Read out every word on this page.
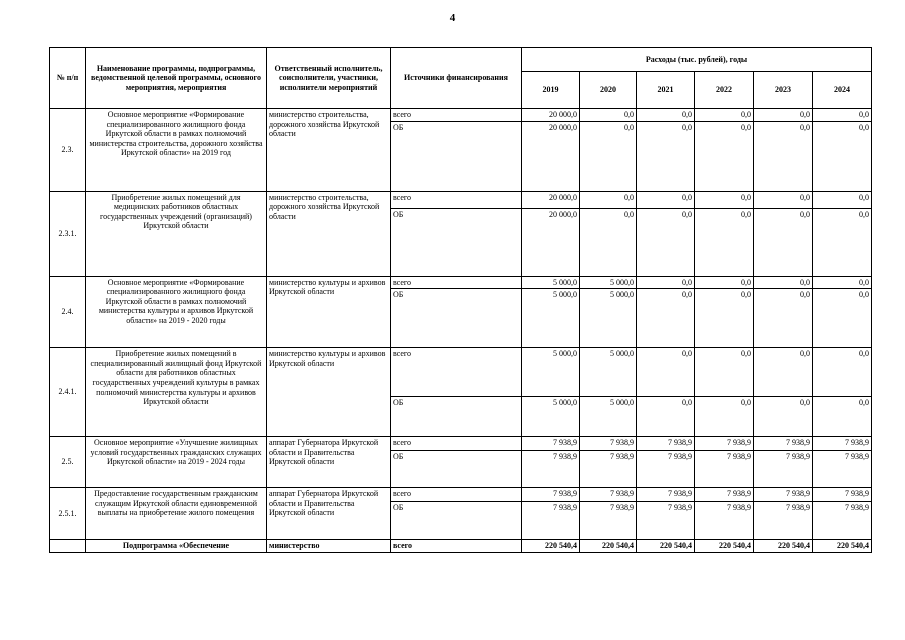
4
№ п/п	Наименование программы, подпрограммы, ведомственной целевой программы, основного мероприятия, мероприятия	Ответственный исполнитель, соисполнители, участники, исполнители мероприятий	Источники финансирования	Расходы (тыс. рублей), годы					
				2019	2020	2021	2022	2023	2024
2.3.	Основное мероприятие «Формирование специализированного жилищного фонда Иркутской области в рамках полномочий министерства строительства, дорожного хозяйства Иркутской области» на 2019 год	министерство строительства, дорожного хозяйства Иркутской области	всего	20 000,0	0,0	0,0	0,0	0,0	0,0
			ОБ	20 000,0	0,0	0,0	0,0	0,0	0,0
2.3.1.	Приобретение жилых помещений для медицинских работников областных государственных учреждений (организаций) Иркутской области	министерство строительства, дорожного хозяйства Иркутской области	всего	20 000,0	0,0	0,0	0,0	0,0	0,0
			ОБ	20 000,0	0,0	0,0	0,0	0,0	0,0
2.4.	Основное мероприятие «Формирование специализированного жилищного фонда Иркутской области в рамках полномочий министерства культуры и архивов Иркутской области» на 2019 - 2020 годы	министерство культуры и архивов Иркутской области	всего	5 000,0	5 000,0	0,0	0,0	0,0	0,0
			ОБ	5 000,0	5 000,0	0,0	0,0	0,0	0,0
2.4.1.	Приобретение жилых помещений в специализированный жилищный фонд Иркутской области для работников областных государственных учреждений культуры в рамках полномочий министерства культуры и архивов Иркутской области	министерство культуры и архивов Иркутской области	всего	5 000,0	5 000,0	0,0	0,0	0,0	0,0
			ОБ	5 000,0	5 000,0	0,0	0,0	0,0	0,0
2.5.	Основное мероприятие «Улучшение жилищных условий государственных гражданских служащих Иркутской области» на 2019 - 2024 годы	аппарат Губернатора Иркутской области и Правительства Иркутской области	всего	7 938,9	7 938,9	7 938,9	7 938,9	7 938,9	7 938,9
			ОБ	7 938,9	7 938,9	7 938,9	7 938,9	7 938,9	7 938,9
2.5.1.	Предоставление государственным гражданским служащим Иркутской области единовременной выплаты на приобретение жилого помещения	аппарат Губернатора Иркутской области и Правительства Иркутской области	всего	7 938,9	7 938,9	7 938,9	7 938,9	7 938,9	7 938,9
			ОБ	7 938,9	7 938,9	7 938,9	7 938,9	7 938,9	7 938,9
	Подпрограмма «Обеспечение	министерство	всего	220 540,4	220 540,4	220 540,4	220 540,4	220 540,4	220 540,4
